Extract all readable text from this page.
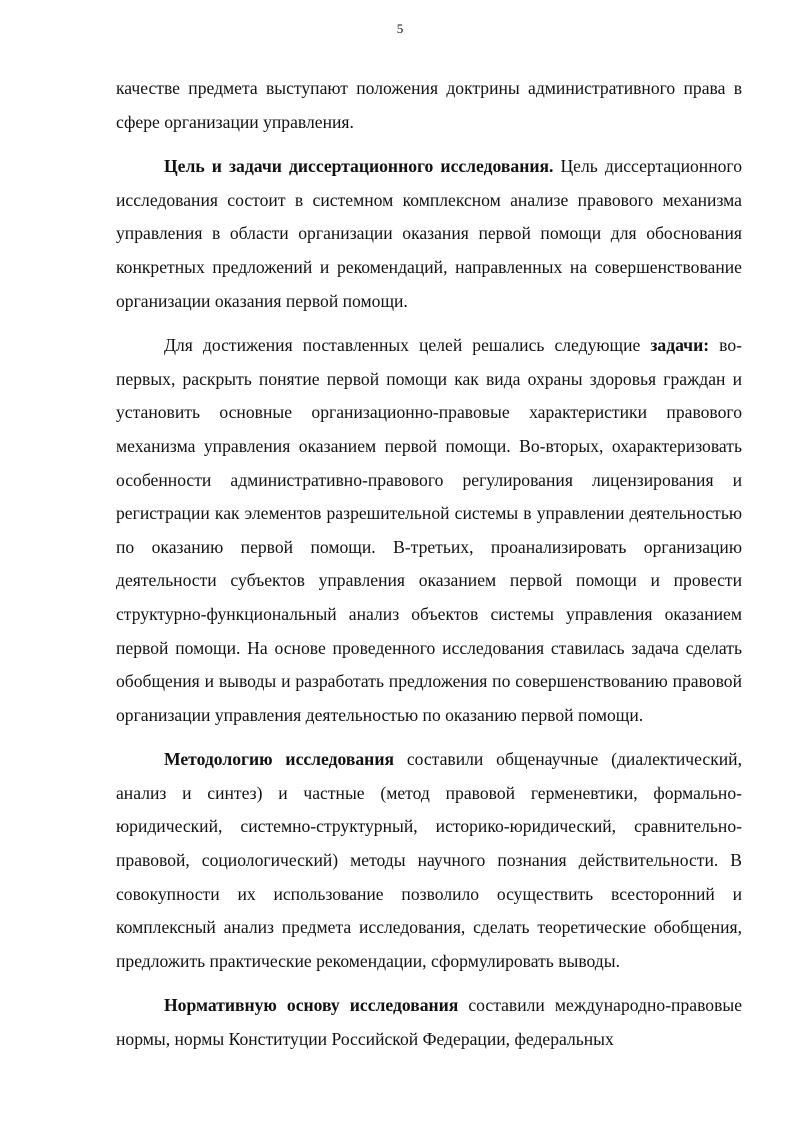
5

качестве предмета выступают положения доктрины административного права в сфере организации управления.

Цель и задачи диссертационного исследования. Цель диссертационного исследования состоит в системном комплексном анализе правового механизма управления в области организации оказания первой помощи для обоснования конкретных предложений и рекомендаций, направленных на совершенствование организации оказания первой помощи.

Для достижения поставленных целей решались следующие задачи: во-первых, раскрыть понятие первой помощи как вида охраны здоровья граждан и установить основные организационно-правовые характеристики правового механизма управления оказанием первой помощи. Во-вторых, охарактеризовать особенности административно-правового регулирования лицензирования и регистрации как элементов разрешительной системы в управлении деятельностью по оказанию первой помощи. В-третьих, проанализировать организацию деятельности субъектов управления оказанием первой помощи и провести структурно-функциональный анализ объектов системы управления оказанием первой помощи. На основе проведенного исследования ставилась задача сделать обобщения и выводы и разработать предложения по совершенствованию правовой организации управления деятельностью по оказанию первой помощи.

Методологию исследования составили общенаучные (диалектический, анализ и синтез) и частные (метод правовой герменевтики, формально-юридический, системно-структурный, историко-юридический, сравнительно-правовой, социологический) методы научного познания действительности. В совокупности их использование позволило осуществить всесторонний и комплексный анализ предмета исследования, сделать теоретические обобщения, предложить практические рекомендации, сформулировать выводы.

Нормативную основу исследования составили международно-правовые нормы, нормы Конституции Российской Федерации, федеральных
